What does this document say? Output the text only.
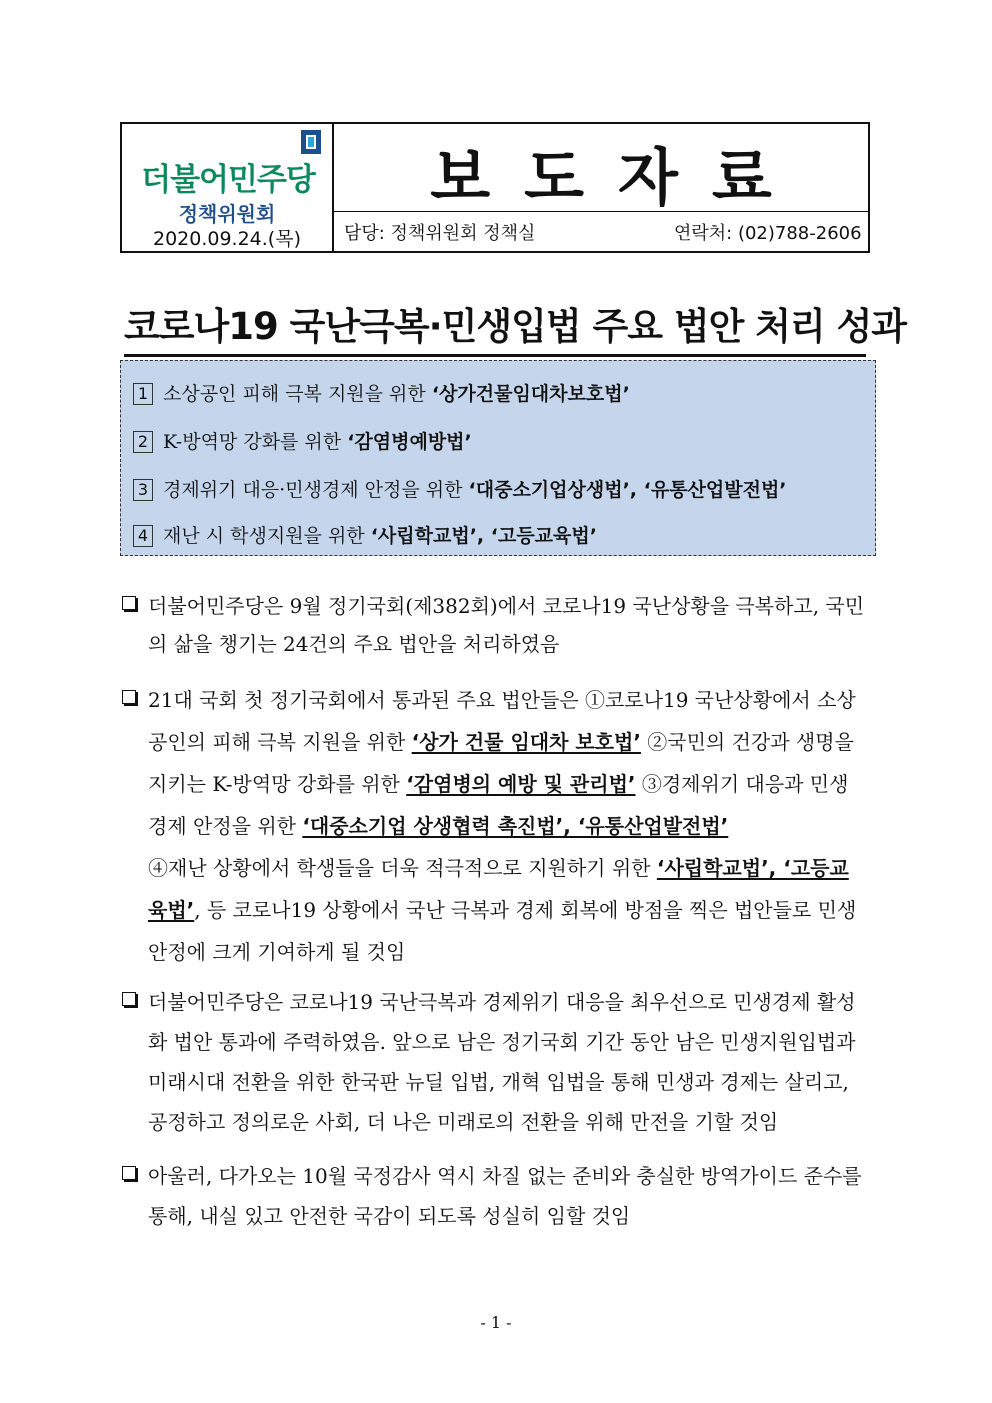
더불어민주당
정책위원회
2020.09.24.(목)
보도자료
담당: 정책위원회 정책실	연락처: (02)788-2606
코로나19 국난극복·민생입법 주요 법안 처리 성과
1 소상공인 피해 극복 지원을 위한 ‘상가건물임대차보호법’
2 K-방역망 강화를 위한 ‘감염병예방법’
3 경제위기 대응·민생경제 안정을 위한 ‘대중소기업상생법’, ‘유통산업발전법’
4 재난 시 학생지원을 위한 ‘사립학교법’, ‘고등교육법’
더불어민주당은 9월 정기국회(제382회)에서 코로나19 국난상황을 극복하고, 국민
의 삶을 챙기는 24건의 주요 법안을 처리하였음
21대 국회 첫 정기국회에서 통과된 주요 법안들은 ①코로나19 국난상황에서 소상
공인의 피해 극복 지원을 위한 ‘상가 건물 임대차 보호법’ ②국민의 건강과 생명을
지키는 K-방역망 강화를 위한 ‘감염병의 예방 및 관리법’ ③경제위기 대응과 민생
경제 안정을 위한 ‘대중소기업 상생협력 촉진법’, ‘유통산업발전법’
④재난 상황에서 학생들을 더욱 적극적으로 지원하기 위한 ‘사립학교법’, ‘고등교
육법’, 등 코로나19 상황에서 국난 극복과 경제 회복에 방점을 찍은 법안들로 민생
안정에 크게 기여하게 될 것임
더불어민주당은 코로나19 국난극복과 경제위기 대응을 최우선으로 민생경제 활성
화 법안 통과에 주력하였음. 앞으로 남은 정기국회 기간 동안 남은 민생지원입법과
미래시대 전환을 위한 한국판 뉴딜 입법, 개혁 입법을 통해 민생과 경제는 살리고,
공정하고 정의로운 사회, 더 나은 미래로의 전환을 위해 만전을 기할 것임
아울러, 다가오는 10월 국정감사 역시 차질 없는 준비와 충실한 방역가이드 준수를
통해, 내실 있고 안전한 국감이 되도록 성실히 임할 것임
- 1 -
